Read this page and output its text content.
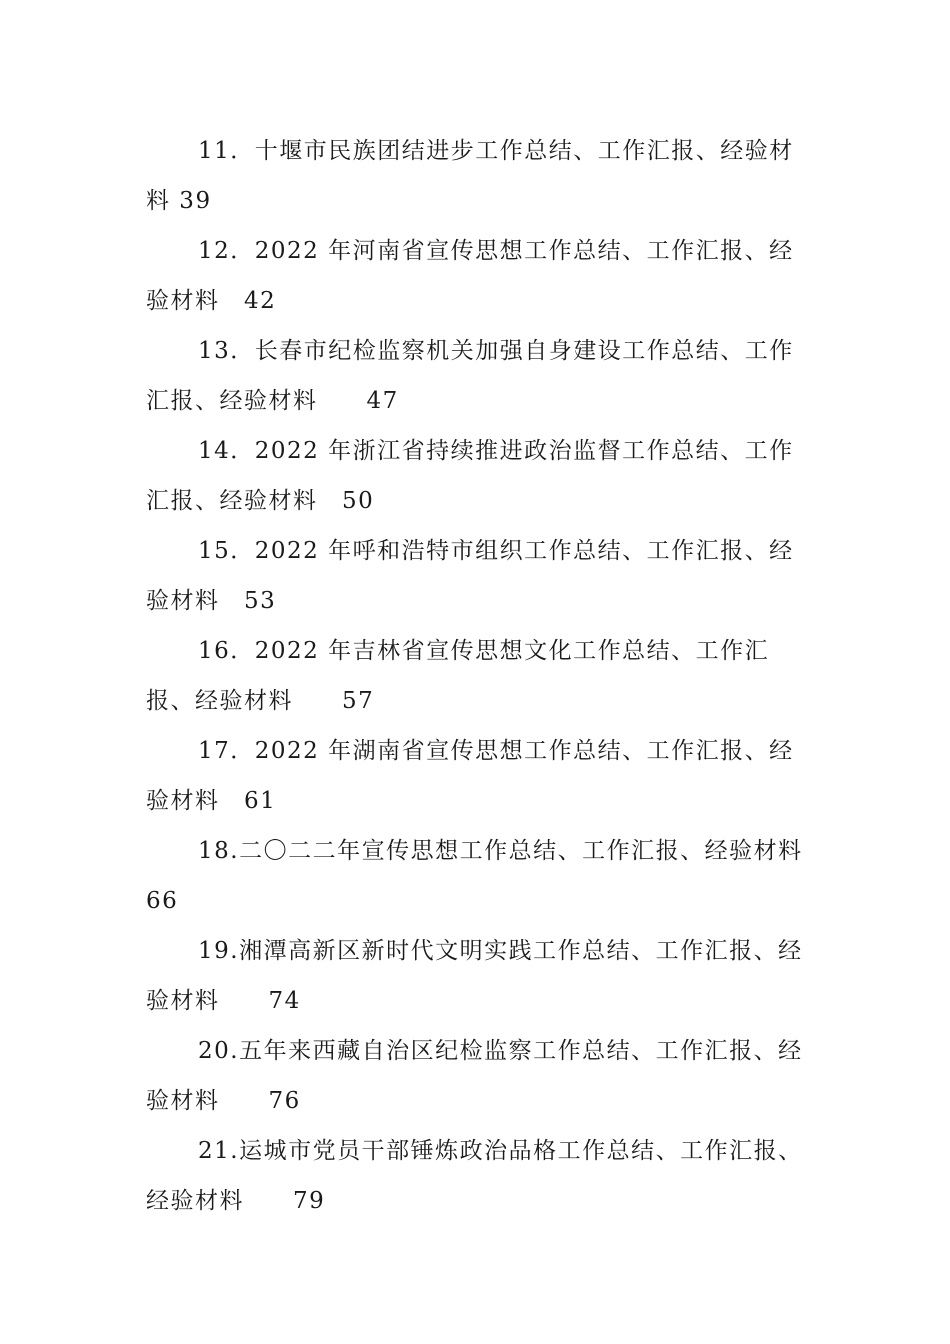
11．十堰市民族团结进步工作总结、工作汇报、经验材料 39

12．2022 年河南省宣传思想工作总结、工作汇报、经验材料　42

13．长春市纪检监察机关加强自身建设工作总结、工作汇报、经验材料　　47

14．2022 年浙江省持续推进政治监督工作总结、工作汇报、经验材料　50

15．2022 年呼和浩特市组织工作总结、工作汇报、经验材料　53

16．2022 年吉林省宣传思想文化工作总结、工作汇报、经验材料　　57

17．2022 年湖南省宣传思想工作总结、工作汇报、经验材料　61

18.二〇二二年宣传思想工作总结、工作汇报、经验材料 66

19.湘潭高新区新时代文明实践工作总结、工作汇报、经验材料　　74

20.五年来西藏自治区纪检监察工作总结、工作汇报、经验材料　　76

21.运城市党员干部锤炼政治品格工作总结、工作汇报、经验材料　　79
